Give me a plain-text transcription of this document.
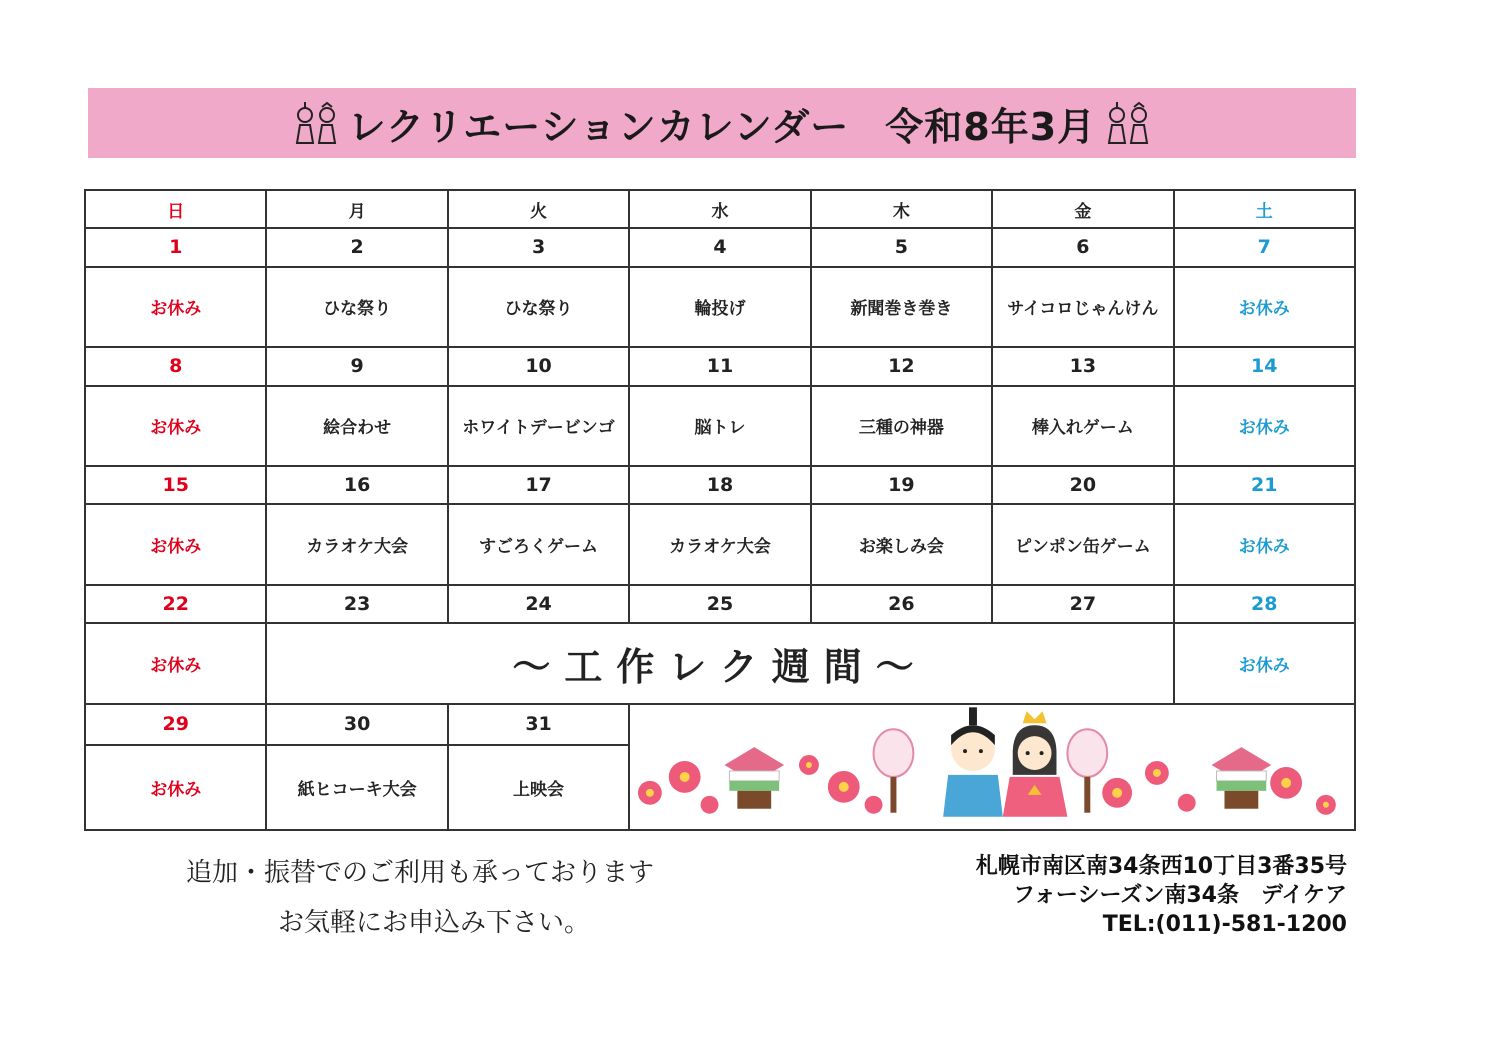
レクリエーションカレンダー 令和8年3月
日	月	火	水	木	金	土
1	2	3	4	5	6	7
お休み	ひな祭り	ひな祭り	輪投げ	新聞巻き巻き	サイコロじゃんけん	お休み
8	9	10	11	12	13	14
お休み	絵合わせ	ホワイトデービンゴ	脳トレ	三種の神器	棒入れゲーム	お休み
15	16	17	18	19	20	21
お休み	カラオケ大会	すごろくゲーム	カラオケ大会	お楽しみ会	ピンポン缶ゲーム	お休み
22	23	24	25	26	27	28
お休み	〜工作レク週間〜					お休み
29	30	31	
お休み	紙ヒコーキ大会	上映会				
追加・振替でのご利用も承っております
お気軽にお申込み下さい。
札幌市南区南34条西10丁目3番35号
フォーシーズン南34条　デイケア
TEL:(011)-581-1200
